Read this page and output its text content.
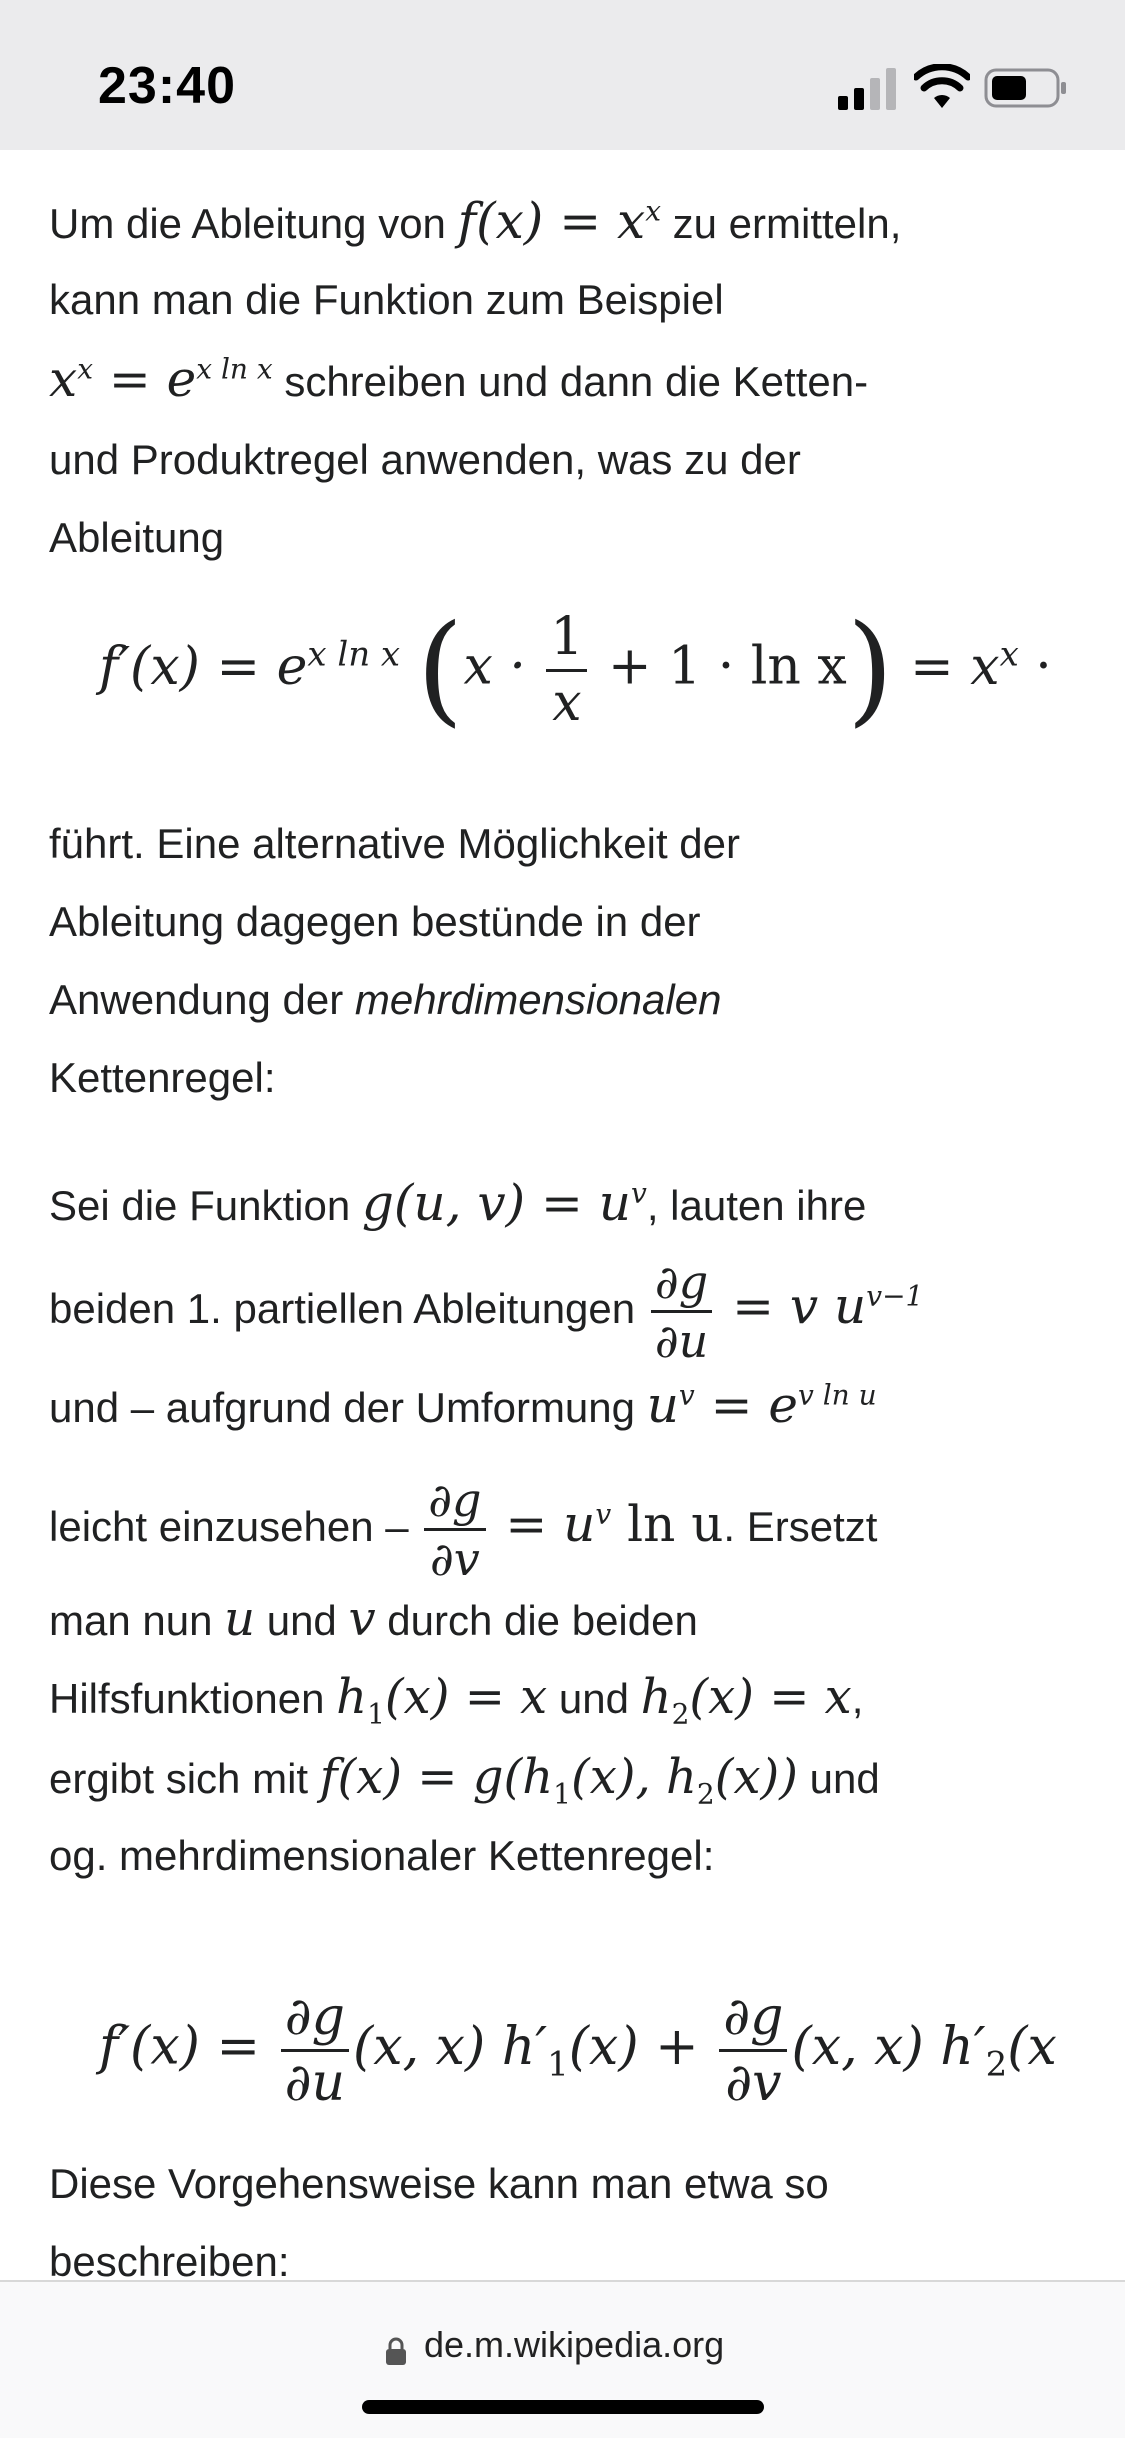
23:40
Um die Ableitung von $f(x) = x^x$ zu ermitteln,
kann man die Funktion zum Beispiel
$x^x = e^{x ln x}$ schreiben und dann die Ketten-
und Produktregel anwenden, was zu der
Ableitung
$f'(x) = e^{x ln x}$ $(x \cdot \frac{1}{x} + 1 \cdot \ln x) = x^x$ ·
führt. Eine alternative Möglichkeit der
Ableitung dagegen bestünde in der
Anwendung der mehrdimensionalen
Kettenregel:
Sei die Funktion g(u, $v) = u^v$, lauten ihre
beiden 1. partiellen Ableitungen $\frac{\partial g}{\partial u} = v$ $u^{v-1}$
und – aufgrund der Umformung $u^v = e^{v ln u}$
leicht einzusehen – $\frac{\partial g}{\partial v} = u^v$ ln u. Ersetzt
man nun u und v durch die beiden
Hilfsfunktionen $h_1(x) = x$ und $h_2(x) = x$,
ergibt sich mit $f(x) = g(h_1(x)$, $h_2(x)$) und
og. mehrdimensionaler Kettenregel:
$f'(x) = \frac{\partial g}{\partial u} (x$, x) $h'_1(x) + \frac{\partial g}{\partial v} (x$, x) $h'_2(x$
Diese Vorgehensweise kann man etwa so
beschreiben:
de.m.wikipedia.org
